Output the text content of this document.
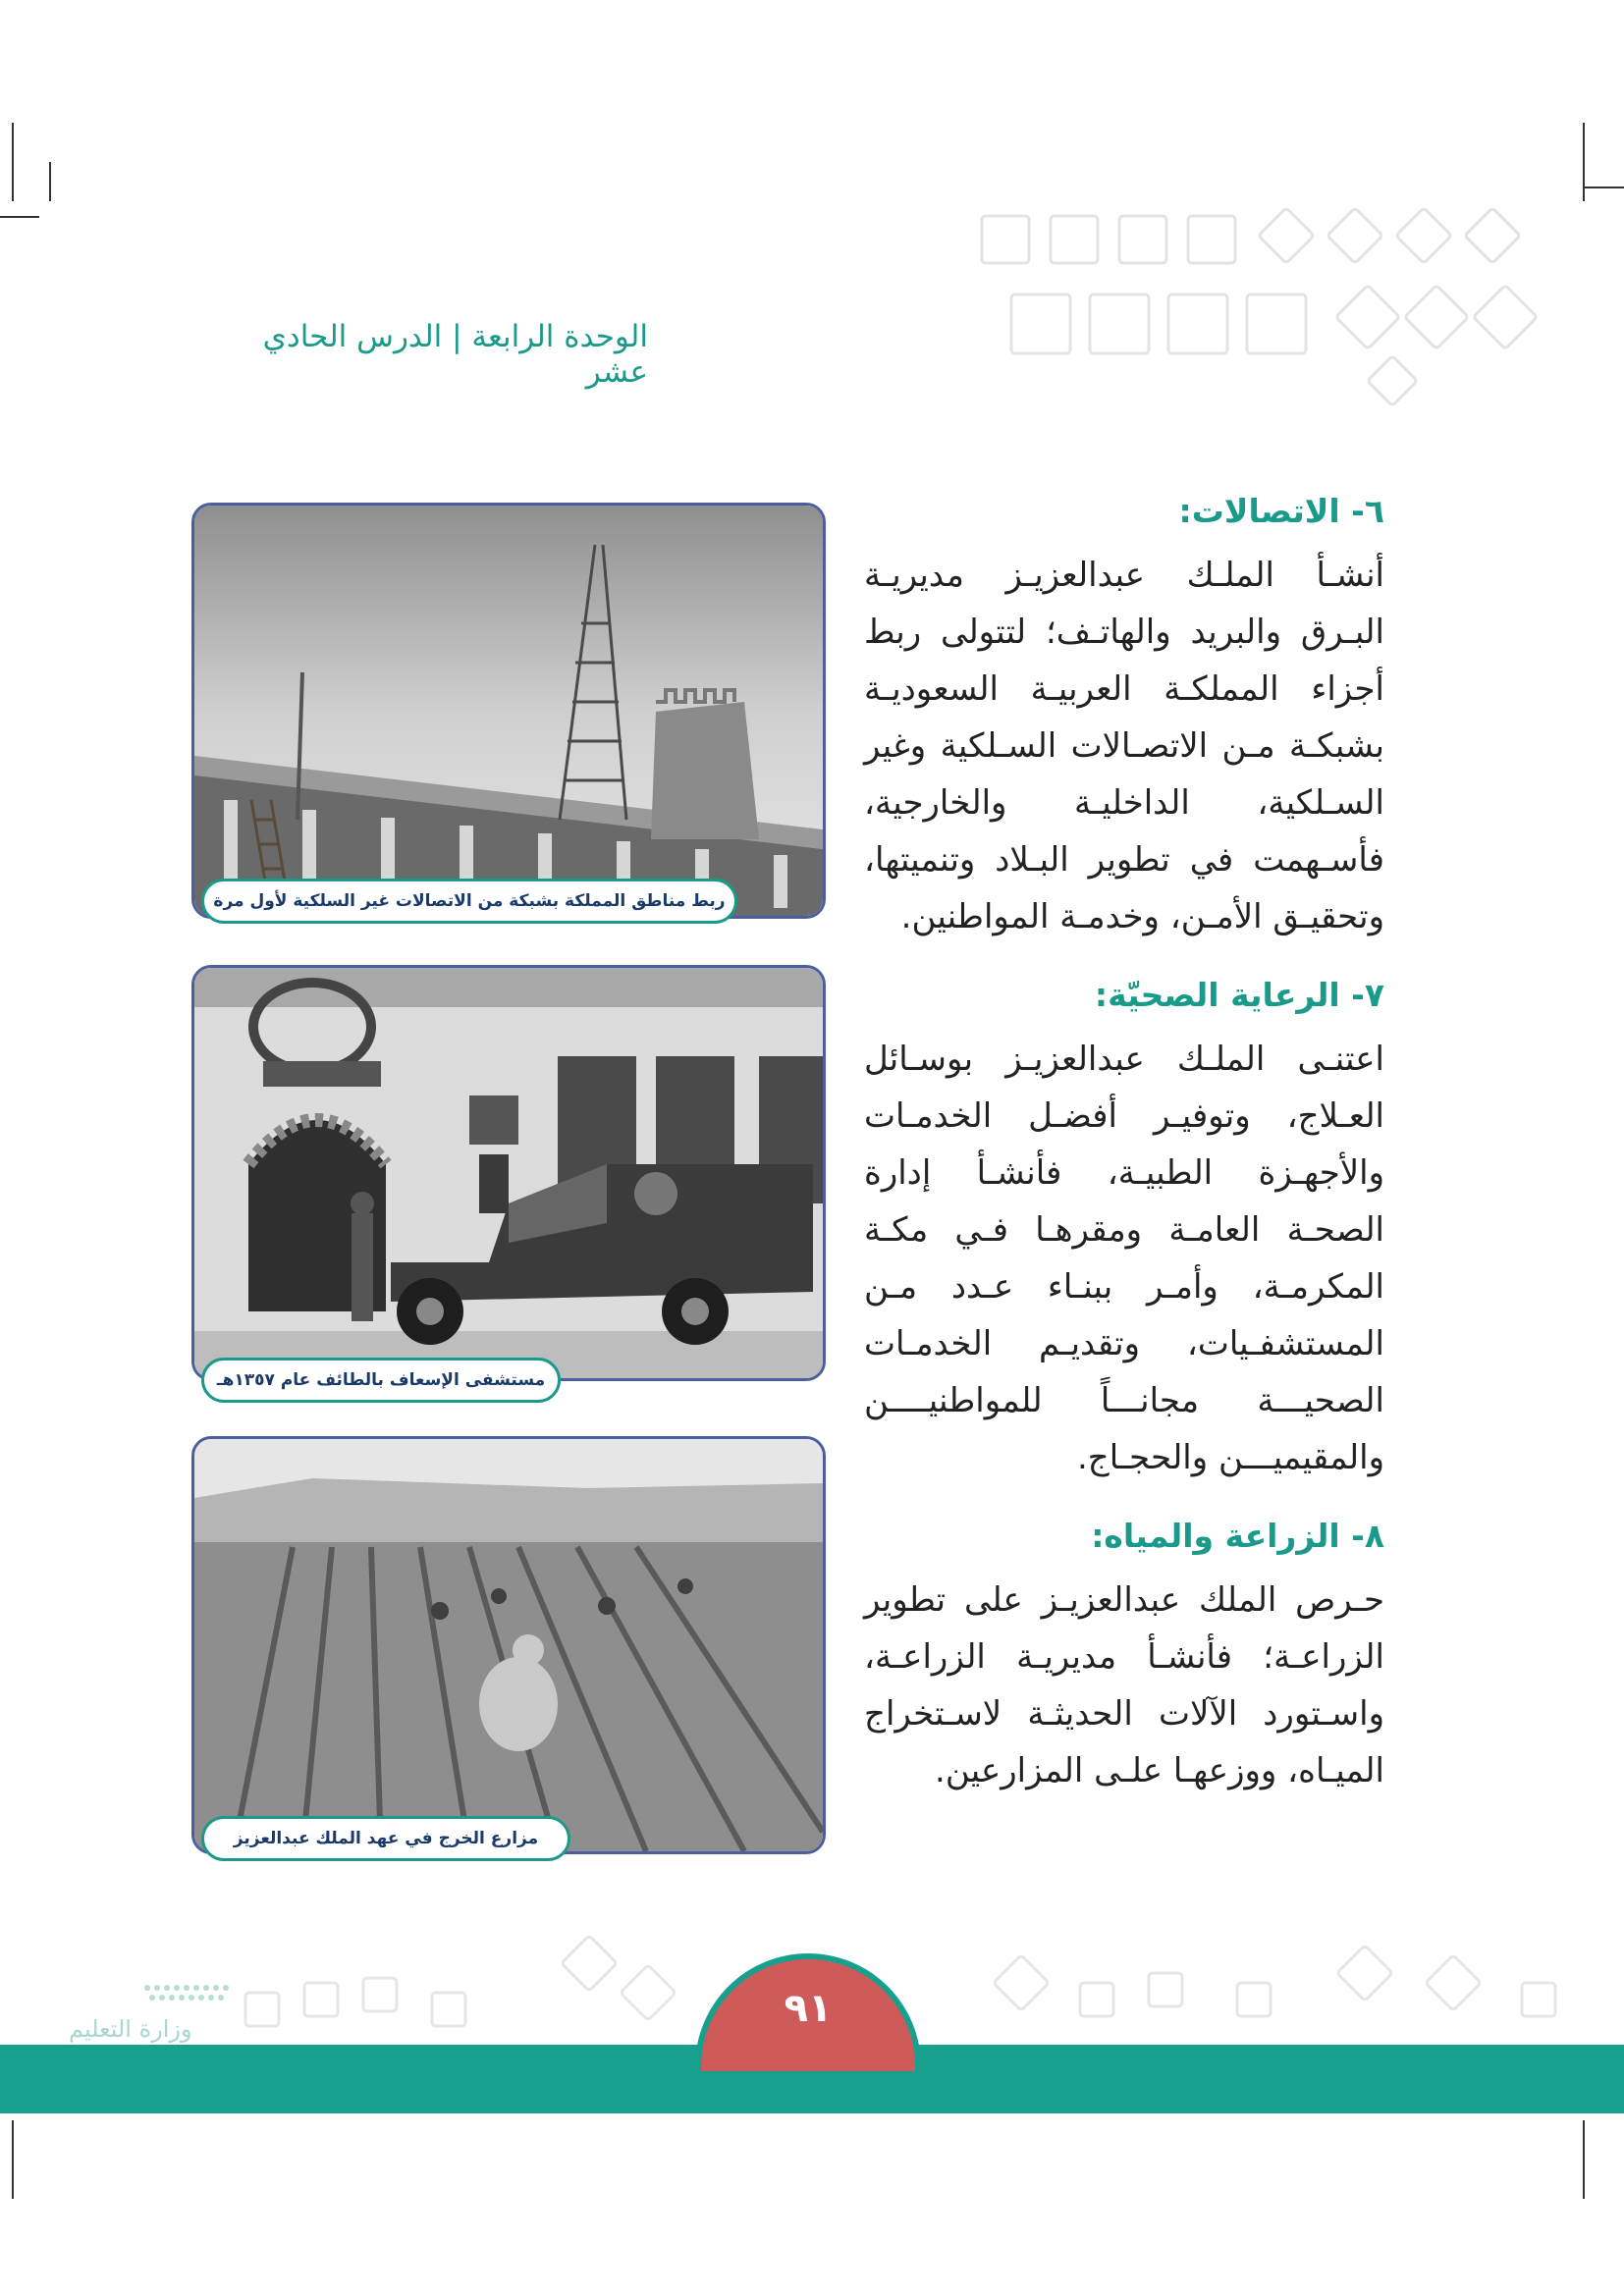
الوحدة الرابعة | الدرس الحادي عشر
ربط مناطق المملكة بشبكة من الاتصالات غير السلكية لأول مرة
مستشفى الإسعاف بالطائف عام ١٣٥٧هـ
مزارع الخرج في عهد الملك عبدالعزيز
٦- الاتصالات:

أنشـأ الملـك عبدالعزيـز مديريـة البـرق والبريد والهاتـف؛ لتتولى ربط أجزاء المملكـة العربيـة السعوديـة بشبكـة مـن الاتصـالات السـلكية وغير السـلكية، الداخليـة والخارجية، فأسـهمت في تطوير البـلاد وتنميتها، وتحقيـق الأمـن، وخدمـة المواطنين.

٧- الرعاية الصحيّة:

اعتنـى الملـك عبدالعزيـز بوسـائل العـلاج، وتوفيـر أفضـل الخدمـات والأجهـزة الطبيـة، فأنشـأ إدارة الصحـة العامـة ومقرهـا فـي مكـة المكرمـة، وأمـر ببنـاء عـدد مـن المستشفـيات، وتقديـم الخدمـات الصحيـــة مجانـــاً للمواطنيــــن والمقيميـــن والحجـاج.

٨- الزراعة والمياه:

حـرص الملك عبدالعزيـز على تطوير الزراعـة؛ فأنشـأ مديريـة الزراعـة، واسـتورد الآلات الحديثـة لاسـتخراج الميـاه، ووزعهـا علـى المزارعين.

وزارة التعليم	٩١
